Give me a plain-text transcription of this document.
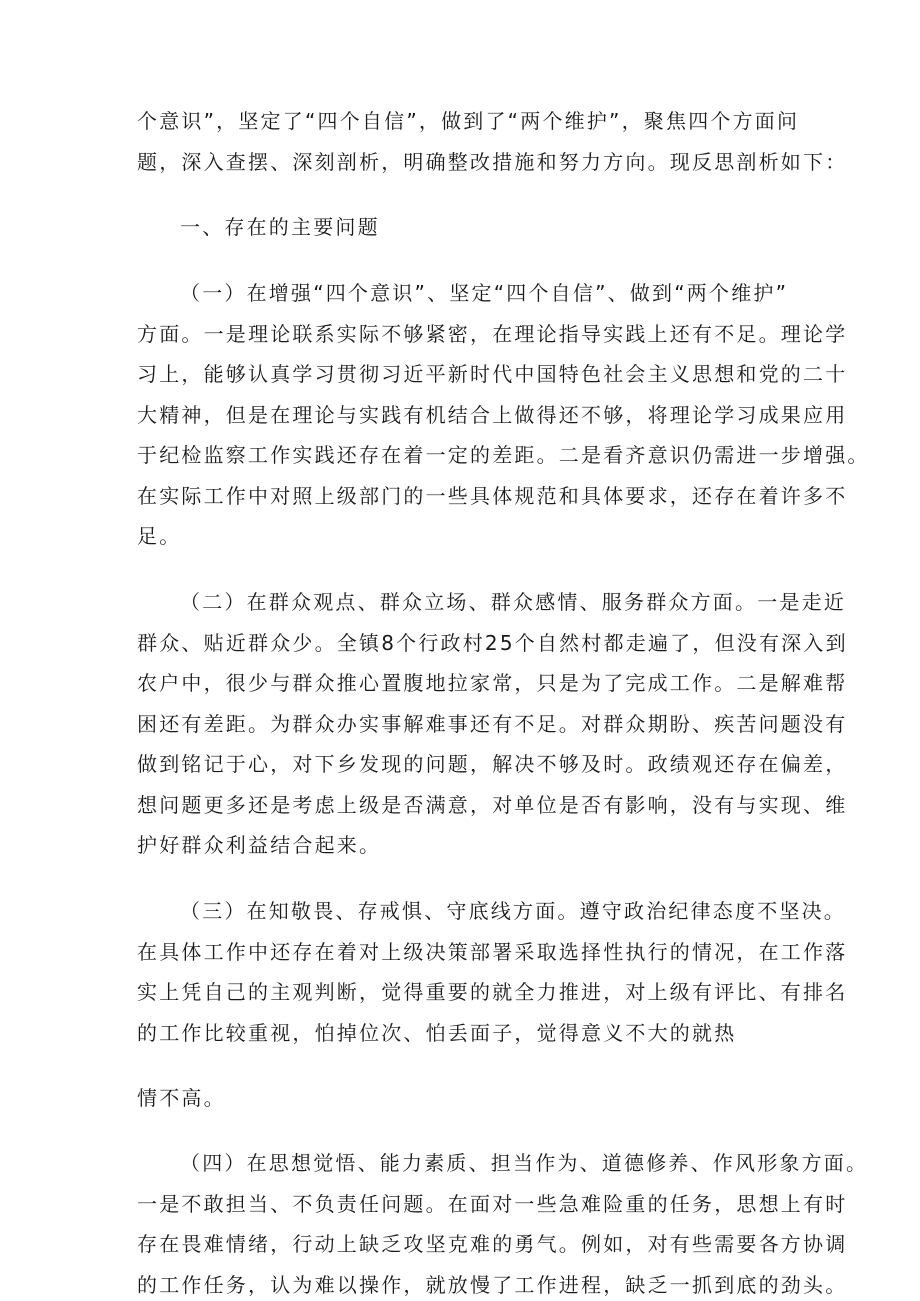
个意识”，坚定了“四个自信”，做到了“两个维护”，聚焦四个方面问
题，深入查摆、深刻剖析，明确整改措施和努力方向。现反思剖析如下：
一、存在的主要问题
（一）在增强“四个意识”、坚定“四个自信”、做到“两个维护”
方面。一是理论联系实际不够紧密，在理论指导实践上还有不足。理论学
习上，能够认真学习贯彻习近平新时代中国特色社会主义思想和党的二十
大精神，但是在理论与实践有机结合上做得还不够，将理论学习成果应用
于纪检监察工作实践还存在着一定的差距。二是看齐意识仍需进一步增强。
在实际工作中对照上级部门的一些具体规范和具体要求，还存在着许多不
足。
（二）在群众观点、群众立场、群众感情、服务群众方面。一是走近
群众、贴近群众少。全镇8个行政村25个自然村都走遍了，但没有深入到
农户中，很少与群众推心置腹地拉家常，只是为了完成工作。二是解难帮
困还有差距。为群众办实事解难事还有不足。对群众期盼、疾苦问题没有
做到铭记于心，对下乡发现的问题，解决不够及时。政绩观还存在偏差，
想问题更多还是考虑上级是否满意，对单位是否有影响，没有与实现、维
护好群众利益结合起来。
（三）在知敬畏、存戒惧、守底线方面。遵守政治纪律态度不坚决。
在具体工作中还存在着对上级决策部署采取选择性执行的情况，在工作落
实上凭自己的主观判断，觉得重要的就全力推进，对上级有评比、有排名
的工作比较重视，怕掉位次、怕丢面子，觉得意义不大的就热
情不高。
（四）在思想觉悟、能力素质、担当作为、道德修养、作风形象方面。
一是不敢担当、不负责任问题。在面对一些急难险重的任务，思想上有时
存在畏难情绪，行动上缺乏攻坚克难的勇气。例如，对有些需要各方协调
的工作任务，认为难以操作，就放慢了工作进程，缺乏一抓到底的劲头。
